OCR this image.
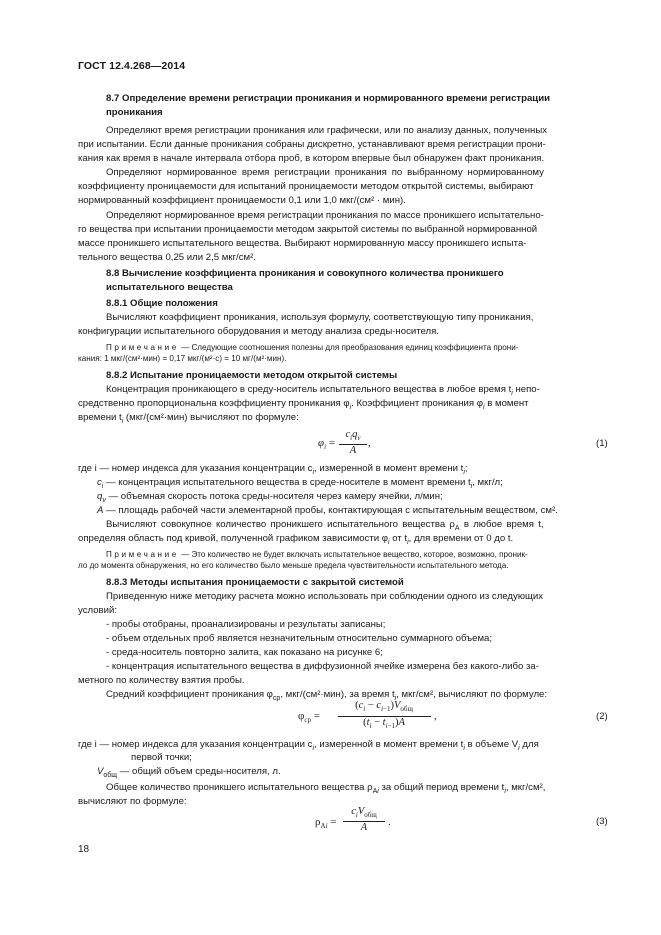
ГОСТ 12.4.268—2014
8.7 Определение времени регистрации проникания и нормированного времени регистрации
проникания
Определяют время регистрации проникания или графически, или по анализу данных, полученных
при испытании. Если данные проникания собраны дискретно, устанавливают время регистрации прони-
кания как время в начале интервала отбора проб, в котором впервые был обнаружен факт проникания.
Определяют нормированное время регистрации проникания по выбранному нормированному
коэффициенту проницаемости для испытаний проницаемости методом открытой системы, выбирают
нормированный коэффициент проницаемости 0,1 или 1,0 мкг/(см² · мин).
Определяют нормированное время регистрации проникания по массе проникшего испытательно-
го вещества при испытании проницаемости методом закрытой системы по выбранной нормированной
массе проникшего испытательного вещества. Выбирают нормированную массу проникшего испыта-
тельного вещества 0,25 или 2,5 мкг/см².
8.8 Вычисление коэффициента проникания и совокупного количества проникшего
испытательного вещества
8.8.1 Общие положения
Вычисляют коэффициент проникания, используя формулу, соответствующую типу проникания,
конфигурации испытательного оборудования и методу анализа среды-носителя.
Примечание — Следующие соотношения полезны для преобразования единиц коэффициента прони-
кания: 1 мкг/(см²·мин) = 0,17 мкг/(м²·с) = 10 мг/(м²·мин).
8.8.2 Испытание проницаемости методом открытой системы
Концентрация проникающего в среду-носитель испытательного вещества в любое время $t_i$ непо-
средственно пропорциональна коэффициенту проникания $\varphi_i$. Коэффициент проникания $\varphi_i$ в момент
времени $t_i$ (мкг/(см²·мин) вычисляют по формуле:
$\varphi_i$ =
$c_iq_v$
A
,	(1)
где i — номер индекса для указания концентрации $c_i$, измеренной в момент времени $t_i$;
$c_i$ — концентрация испытательного вещества в среде-носителе в момент времени $t_i$, мкг/л;
$q_v$ — объемная скорость потока среды-носителя через камеру ячейки, л/мин;
A — площадь рабочей части элементарной пробы, контактирующая с испытательным веществом, см².
Вычисляют совокупное количество проникшего испытательного вещества $\rho_A$ в любое время t,
определяя область под кривой, полученной графиком зависимости $\varphi_i$ от $t_i$, для времени от 0 до t.
Примечание — Это количество не будет включать испытательное вещество, которое, возможно, проник-
ло до момента обнаружения, но его количество было меньше предела чувствительности испытательного метода.
8.8.3 Методы испытания проницаемости с закрытой системой
Приведенную ниже методику расчета можно использовать при соблюдении одного из следующих
условий:
- пробы отобраны, проанализированы и результаты записаны;
- объем отдельных проб является незначительным относительно суммарного объема;
- среда-носитель повторно залита, как показано на рисунке 6;
- концентрация испытательного вещества в диффузионной ячейке измерена без какого-либо за-
метного по количеству взятия пробы.
Средний коэффициент проникания $\varphi_{ср}$, мкг/(см²·мин), за время $t_i$, мкг/см², вычисляют по формуле:
$\varphi_{ср}$ =
$(c_i - c_{i-1})V_{общ}$
$(t_i - t_{i-1})A$
,	(2)
где i — номер индекса для указания концентрации $c_i$, измеренной в момент времени $t_i$ в объеме $V_i$ для
первой точки;
$V_{общ}$ — общий объем среды-носителя, л.
Общее количество проникшего испытательного вещества $\rho_{Ai}$ за общий период времени $t_i$, мкг/см²,
вычисляют по формуле:
$\rho_{Ai}$ =
$c_iV_{общ}$
A	.	(3)
18
